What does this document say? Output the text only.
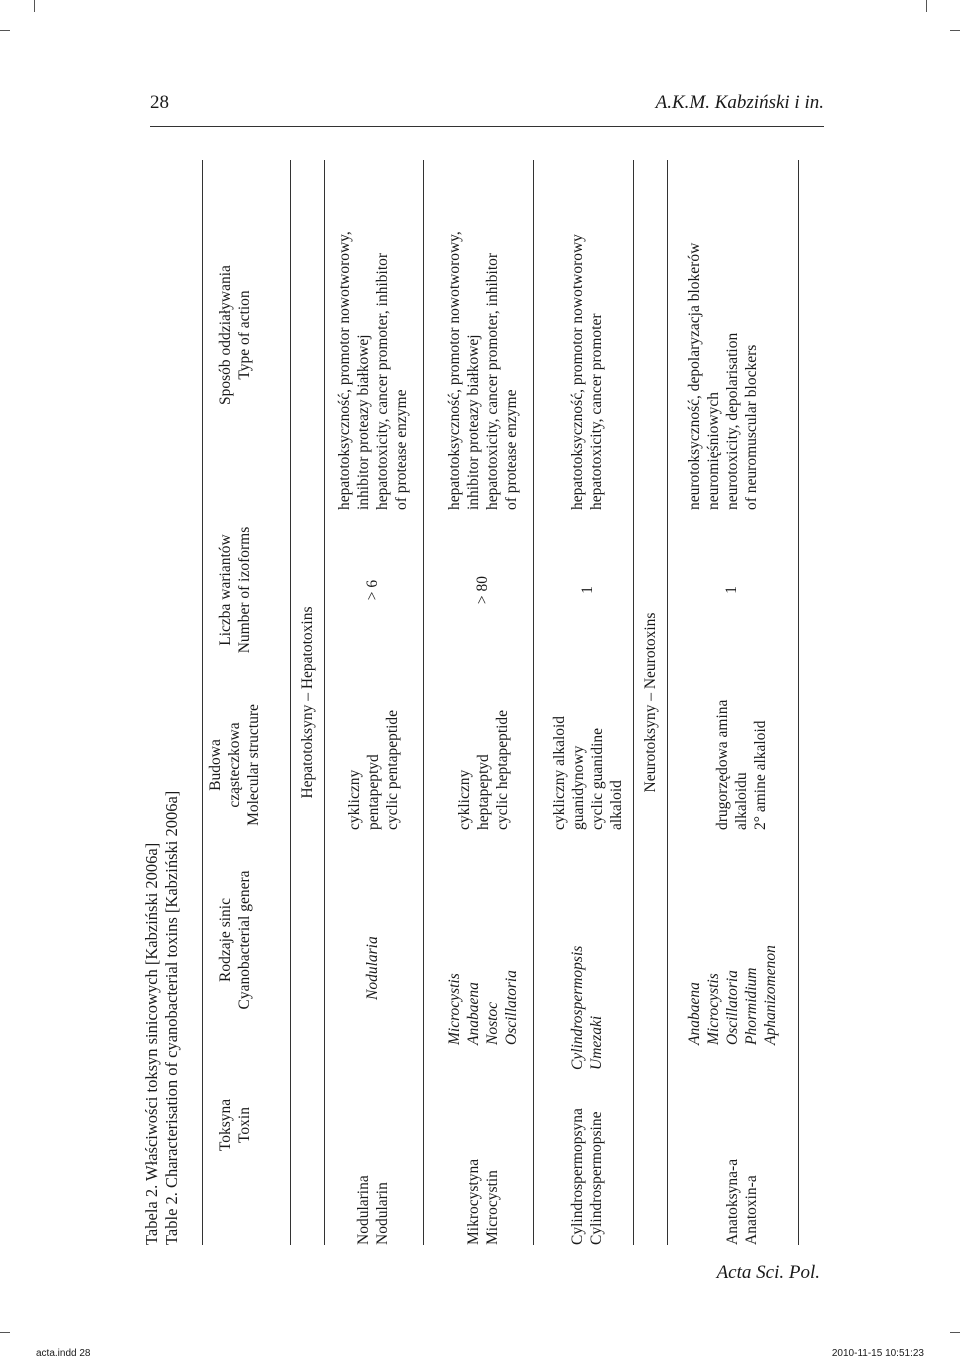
28	A.K.M. Kabziński i in.
Acta Sci. Pol.
acta.indd 28	2010-11-15 10:51:23
Tabela 2. Właściwości toksyn sinicowych [Kabziński 2006a] Table 2. Characterisation of cyanobacterial toxins [Kabziński 2006a] Toksyna Toxin
Rodzaje sinic Cyanobacterial genera
Budowa cząsteczkowa Molecular structure
Liczba wariantów Number of izoforms
Sposób oddziaływania Type of action
Hepatotoksyny – Hepatotoxins
Nodularina Nodularin
Nodularia
cykliczny pentapeptyd cyclic pentapeptide
> 6
hepatotoksyczność, promotor nowotworowy, inhibitor proteazy białkowej hepatotoxicity, cancer promoter, inhibitor of protease enzyme
Mikrocystyna Microcystin
Microcystis Anabaena Nostoc Oscillatoria
cykliczny heptapeptyd cyclic heptapeptide
> 80
hepatotoksyczność, promotor nowotworowy, inhibitor proteazy białkowej hepatotoxicity, cancer promoter, inhibitor of protease enzyme
Cylindrospermopsyna Cylindrospermopsine
Cylindrospermopsis Umezaki
cykliczny alkaloid guanidynowy cyclic guanidine alkaloid
1
hepatotoksyczność, promotor nowotworowy hepatotoxicity, cancer promoter
Neurotoksyny – Neurotoxins
Anatoksyna-a Anatoxin-a
Anabaena Microcystis Oscillatoria Phormidium Aphanizomenon
drugorzędowa amina alkaloidu 2° amine alkaloid
1
neurotoksyczność, depolaryzacja blokerów neuromięśniowych neurotoxicity, depolarisation of neuromuscular blockers
